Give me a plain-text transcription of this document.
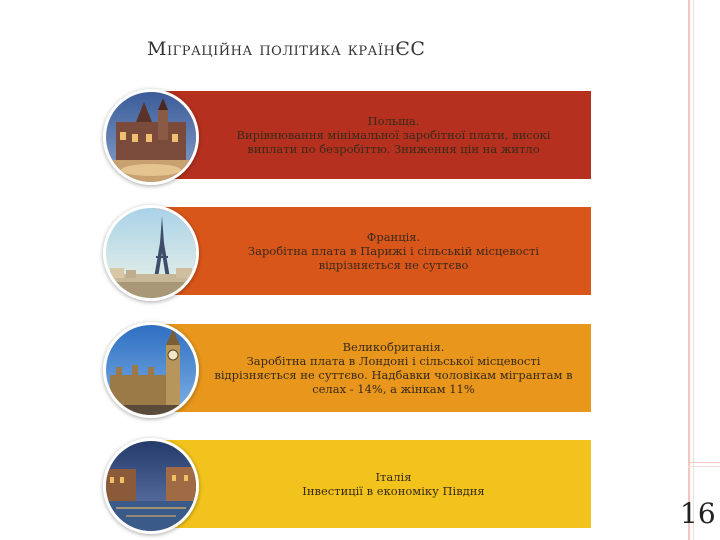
Міграційна політика країнЄС

Польща.

Вирівнювання мінімальної заробітної плати, високі виплати по безробіттю. Зниження цін на житло

Франція.

Заробітна плата в Парижі і сільській місцевості відрізняється не суттєво

Великобританія.

Заробітна плата в Лондоні і сільської місцевості відрізняється не суттєво. Надбавки чоловікам мігрантам в селах - 14%, а жінкам 11%

Італія

Інвестиції в економіку Півдня

16
